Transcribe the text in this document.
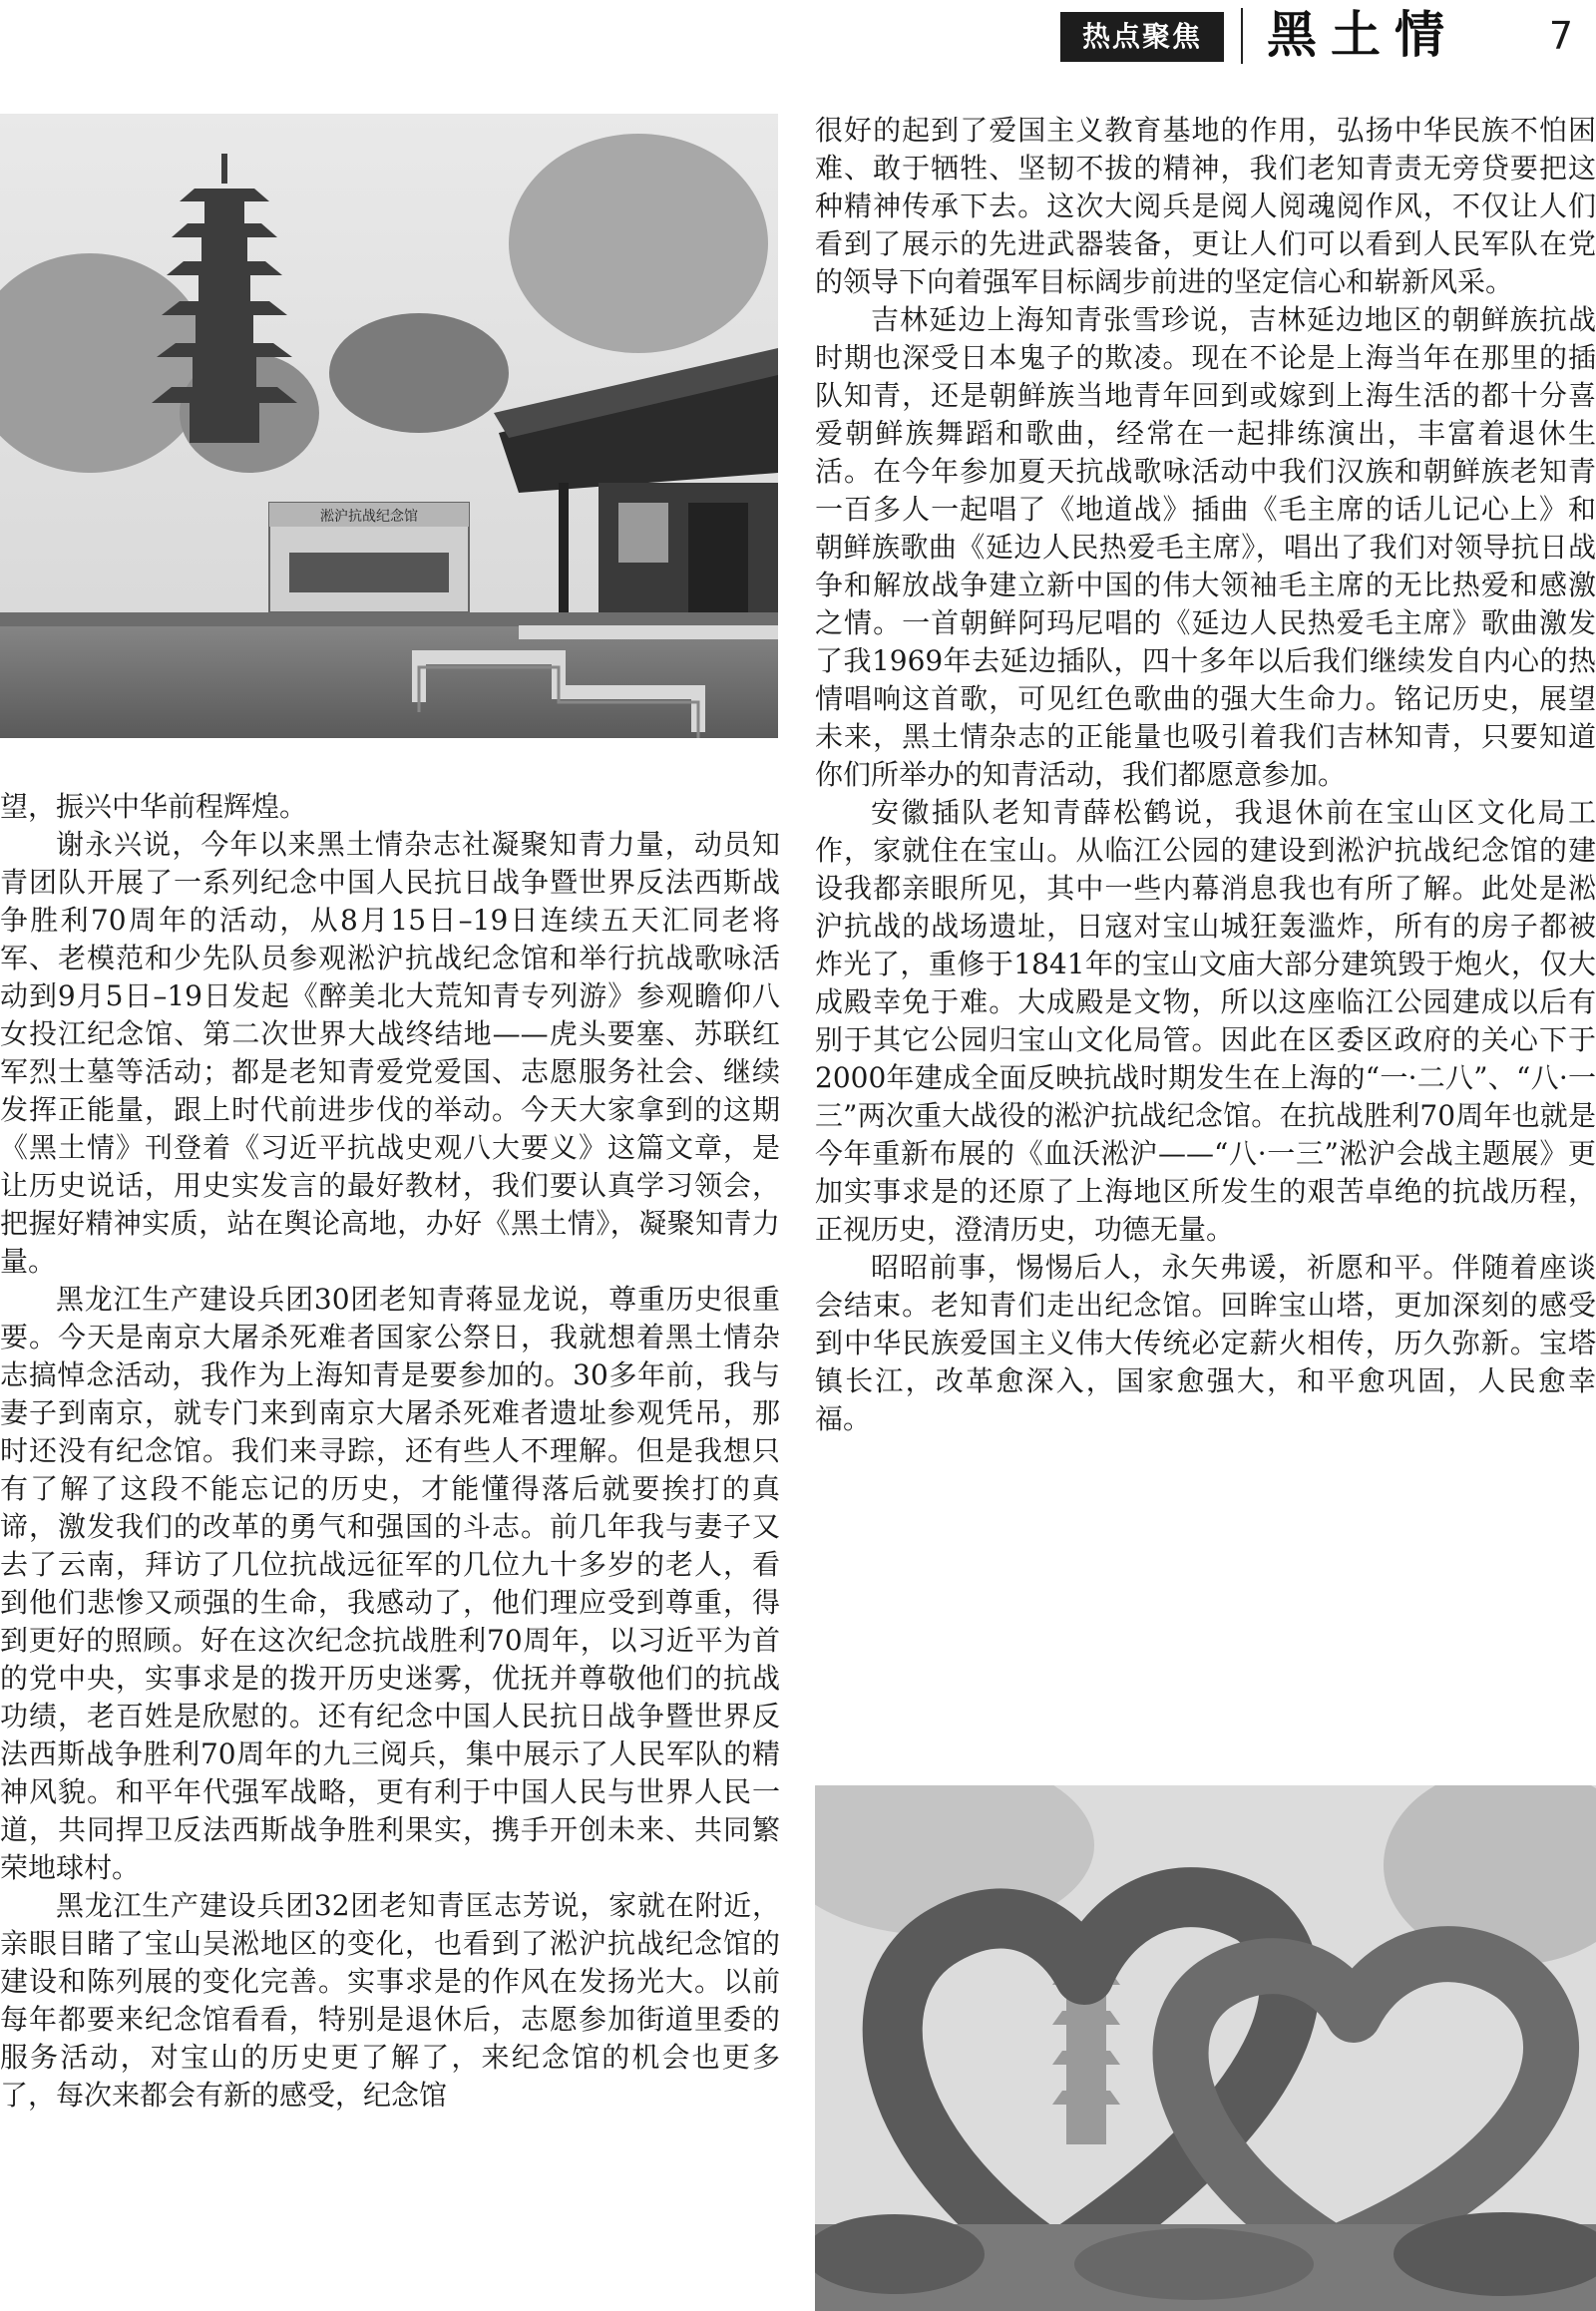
热点聚焦	黑土情	7
淞沪抗战纪念馆

望，振兴中华前程辉煌。

谢永兴说，今年以来黑土情杂志社凝聚知青力量，动员知青团队开展了一系列纪念中国人民抗日战争暨世界反法西斯战争胜利70周年的活动，从8月15日–19日连续五天汇同老将军、老模范和少先队员参观淞沪抗战纪念馆和举行抗战歌咏活动到9月5日–19日发起《醉美北大荒知青专列游》参观瞻仰八女投江纪念馆、第二次世界大战终结地——虎头要塞、苏联红军烈士墓等活动；都是老知青爱党爱国、志愿服务社会、继续发挥正能量，跟上时代前进步伐的举动。今天大家拿到的这期《黑土情》刊登着《习近平抗战史观八大要义》这篇文章，是让历史说话，用史实发言的最好教材，我们要认真学习领会，把握好精神实质，站在舆论高地，办好《黑土情》，凝聚知青力量。

黑龙江生产建设兵团30团老知青蒋显龙说，尊重历史很重要。今天是南京大屠杀死难者国家公祭日，我就想着黑土情杂志搞悼念活动，我作为上海知青是要参加的。30多年前，我与妻子到南京，就专门来到南京大屠杀死难者遗址参观凭吊，那时还没有纪念馆。我们来寻踪，还有些人不理解。但是我想只有了解了这段不能忘记的历史，才能懂得落后就要挨打的真谛，激发我们的改革的勇气和强国的斗志。前几年我与妻子又去了云南，拜访了几位抗战远征军的几位九十多岁的老人，看到他们悲惨又顽强的生命，我感动了，他们理应受到尊重，得到更好的照顾。好在这次纪念抗战胜利70周年，以习近平为首的党中央，实事求是的拨开历史迷雾，优抚并尊敬他们的抗战功绩，老百姓是欣慰的。还有纪念中国人民抗日战争暨世界反法西斯战争胜利70周年的九三阅兵，集中展示了人民军队的精神风貌。和平年代强军战略，更有利于中国人民与世界人民一道，共同捍卫反法西斯战争胜利果实，携手开创未来、共同繁荣地球村。

黑龙江生产建设兵团32团老知青匡志芳说，家就在附近，亲眼目睹了宝山吴淞地区的变化，也看到了淞沪抗战纪念馆的建设和陈列展的变化完善。实事求是的作风在发扬光大。以前每年都要来纪念馆看看，特别是退休后，志愿参加街道里委的服务活动，对宝山的历史更了解了，来纪念馆的机会也更多了，每次来都会有新的感受，纪念馆

很好的起到了爱国主义教育基地的作用，弘扬中华民族不怕困难、敢于牺牲、坚韧不拔的精神，我们老知青责无旁贷要把这种精神传承下去。这次大阅兵是阅人阅魂阅作风，不仅让人们看到了展示的先进武器装备，更让人们可以看到人民军队在党的领导下向着强军目标阔步前进的坚定信心和崭新风采。

吉林延边上海知青张雪珍说，吉林延边地区的朝鲜族抗战时期也深受日本鬼子的欺凌。现在不论是上海当年在那里的插队知青，还是朝鲜族当地青年回到或嫁到上海生活的都十分喜爱朝鲜族舞蹈和歌曲，经常在一起排练演出，丰富着退休生活。在今年参加夏天抗战歌咏活动中我们汉族和朝鲜族老知青一百多人一起唱了《地道战》插曲《毛主席的话儿记心上》和朝鲜族歌曲《延边人民热爱毛主席》，唱出了我们对领导抗日战争和解放战争建立新中国的伟大领袖毛主席的无比热爱和感激之情。一首朝鲜阿玛尼唱的《延边人民热爱毛主席》歌曲激发了我1969年去延边插队，四十多年以后我们继续发自内心的热情唱响这首歌，可见红色歌曲的强大生命力。铭记历史，展望未来，黑土情杂志的正能量也吸引着我们吉林知青，只要知道你们所举办的知青活动，我们都愿意参加。

安徽插队老知青薛松鹤说，我退休前在宝山区文化局工作，家就住在宝山。从临江公园的建设到淞沪抗战纪念馆的建设我都亲眼所见，其中一些内幕消息我也有所了解。此处是淞沪抗战的战场遗址，日寇对宝山城狂轰滥炸，所有的房子都被炸光了，重修于1841年的宝山文庙大部分建筑毁于炮火，仅大成殿幸免于难。大成殿是文物，所以这座临江公园建成以后有别于其它公园归宝山文化局管。因此在区委区政府的关心下于2000年建成全面反映抗战时期发生在上海的“一·二八”、“八·一三”两次重大战役的淞沪抗战纪念馆。在抗战胜利70周年也就是今年重新布展的《血沃淞沪——“八·一三”淞沪会战主题展》更加实事求是的还原了上海地区所发生的艰苦卓绝的抗战历程，正视历史，澄清历史，功德无量。

昭昭前事，惕惕后人，永矢弗谖，祈愿和平。伴随着座谈会结束。老知青们走出纪念馆。回眸宝山塔，更加深刻的感受到中华民族爱国主义伟大传统必定薪火相传，历久弥新。宝塔镇长江，改革愈深入，国家愈强大，和平愈巩固，人民愈幸福。
